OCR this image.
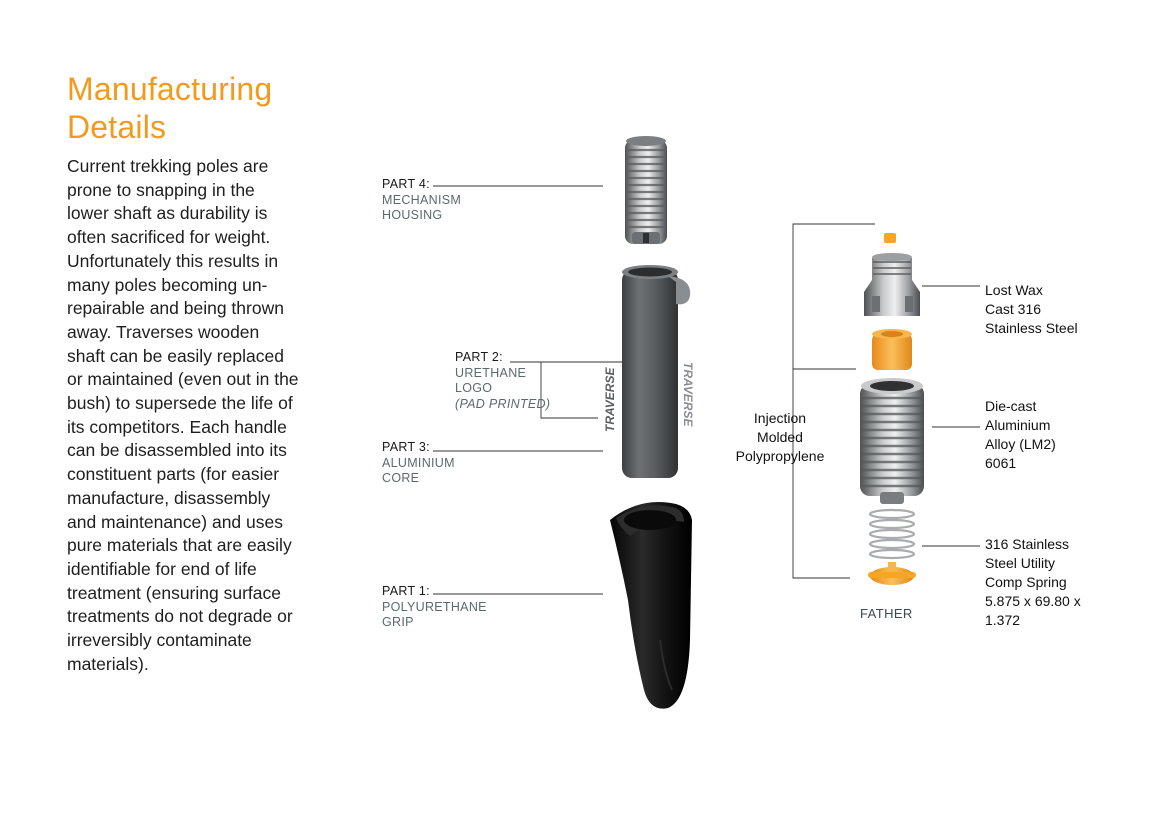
Manufacturing Details
Current trekking poles are prone to snapping in the lower shaft as durability is often sacrificed for weight. Unfortunately this results in many poles becoming un-repairable and being thrown away. Traverses wooden shaft can be easily replaced or maintained (even out in the bush) to supersede the life of its competitors. Each handle can be disassembled into its constituent parts (for easier manufacture, disassembly and maintenance) and uses pure materials that are easily identifiable for end of life treatment (ensuring surface treatments do not degrade or irreversibly contaminate materials).
TRAVERSE	TRAVERSE
PART 4:
MECHANISM
HOUSING
PART 2:
URETHANE
LOGO
(PAD PRINTED)
PART 3:
ALUMINIUM
CORE
PART 1:
POLYURETHANE
GRIP
Injection
Molded
Polypropylene
Lost Wax
Cast 316
Stainless Steel
Die-cast
Aluminium
Alloy (LM2)
6061
316 Stainless
Steel Utility
Comp Spring
5.875 x 69.80 x
1.372
FATHER
